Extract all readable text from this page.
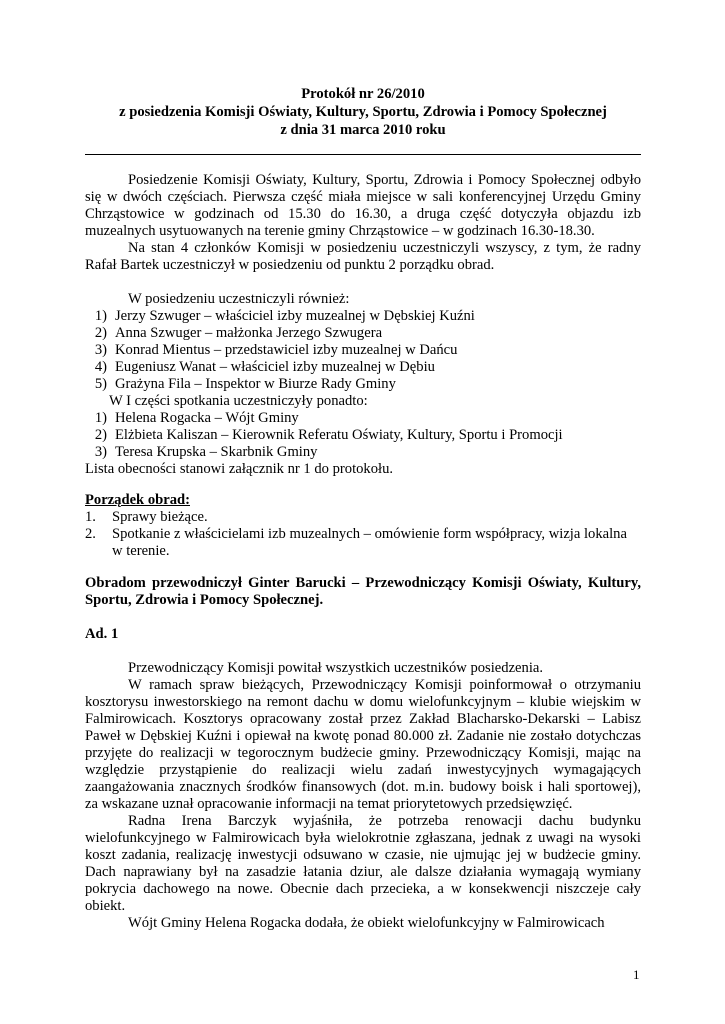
Protokół nr 26/2010
z posiedzenia Komisji Oświaty, Kultury, Sportu, Zdrowia i Pomocy Społecznej
z dnia 31 marca 2010 roku

Posiedzenie Komisji Oświaty, Kultury, Sportu, Zdrowia i Pomocy Społecznej odbyło się w dwóch częściach. Pierwsza część miała miejsce w sali konferencyjnej Urzędu Gminy Chrząstowice w godzinach od 15.30 do 16.30, a druga część dotyczyła objazdu izb muzealnych usytuowanych na terenie gminy Chrząstowice – w godzinach 16.30-18.30.

Na stan 4 członków Komisji w posiedzeniu uczestniczyli wszyscy, z tym, że radny Rafał Bartek uczestniczył w posiedzeniu od punktu 2 porządku obrad.

W posiedzeniu uczestniczyli również:

1) Jerzy Szwuger – właściciel izby muzealnej w Dębskiej Kuźni
2) Anna Szwuger – małżonka Jerzego Szwugera
3) Konrad Mientus – przedstawiciel izby muzealnej w Dańcu
4) Eugeniusz Wanat – właściciel izby muzealnej w Dębiu
5) Grażyna Fila – Inspektor w Biurze Rady Gminy

W I części spotkania uczestniczyły ponadto:

1) Helena Rogacka – Wójt Gminy
2) Elżbieta Kaliszan – Kierownik Referatu Oświaty, Kultury, Sportu i Promocji
3) Teresa Krupska – Skarbnik Gminy

Lista obecności stanowi załącznik nr 1 do protokołu.

Porządek obrad:

1.	Sprawy bieżące.
2.	Spotkanie z właścicielami izb muzealnych – omówienie form współpracy, wizja lokalna w terenie.

Obradom przewodniczył Ginter Barucki – Przewodniczący Komisji Oświaty, Kultury, Sportu, Zdrowia i Pomocy Społecznej.

Ad. 1

Przewodniczący Komisji powitał wszystkich uczestników posiedzenia.

W ramach spraw bieżących, Przewodniczący Komisji poinformował o otrzymaniu kosztorysu inwestorskiego na remont dachu w domu wielofunkcyjnym – klubie wiejskim w Falmirowicach. Kosztorys opracowany został przez Zakład Blacharsko-Dekarski – Labisz Paweł w Dębskiej Kuźni i opiewał na kwotę ponad 80.000 zł. Zadanie nie zostało dotychczas przyjęte do realizacji w tegorocznym budżecie gminy. Przewodniczący Komisji, mając na względzie przystąpienie do realizacji wielu zadań inwestycyjnych wymagających zaangażowania znacznych środków finansowych (dot. m.in. budowy boisk i hali sportowej), za wskazane uznał opracowanie informacji na temat priorytetowych przedsięwzięć.

Radna Irena Barczyk wyjaśniła, że potrzeba renowacji dachu budynku wielofunkcyjnego w Falmirowicach była wielokrotnie zgłaszana, jednak z uwagi na wysoki koszt zadania, realizację inwestycji odsuwano w czasie, nie ujmując jej w budżecie gminy. Dach naprawiany był na zasadzie łatania dziur, ale dalsze działania wymagają wymiany pokrycia dachowego na nowe. Obecnie dach przecieka, a w konsekwencji niszczeje cały obiekt.

Wójt Gminy Helena Rogacka dodała, że obiekt wielofunkcyjny w Falmirowicach

1
